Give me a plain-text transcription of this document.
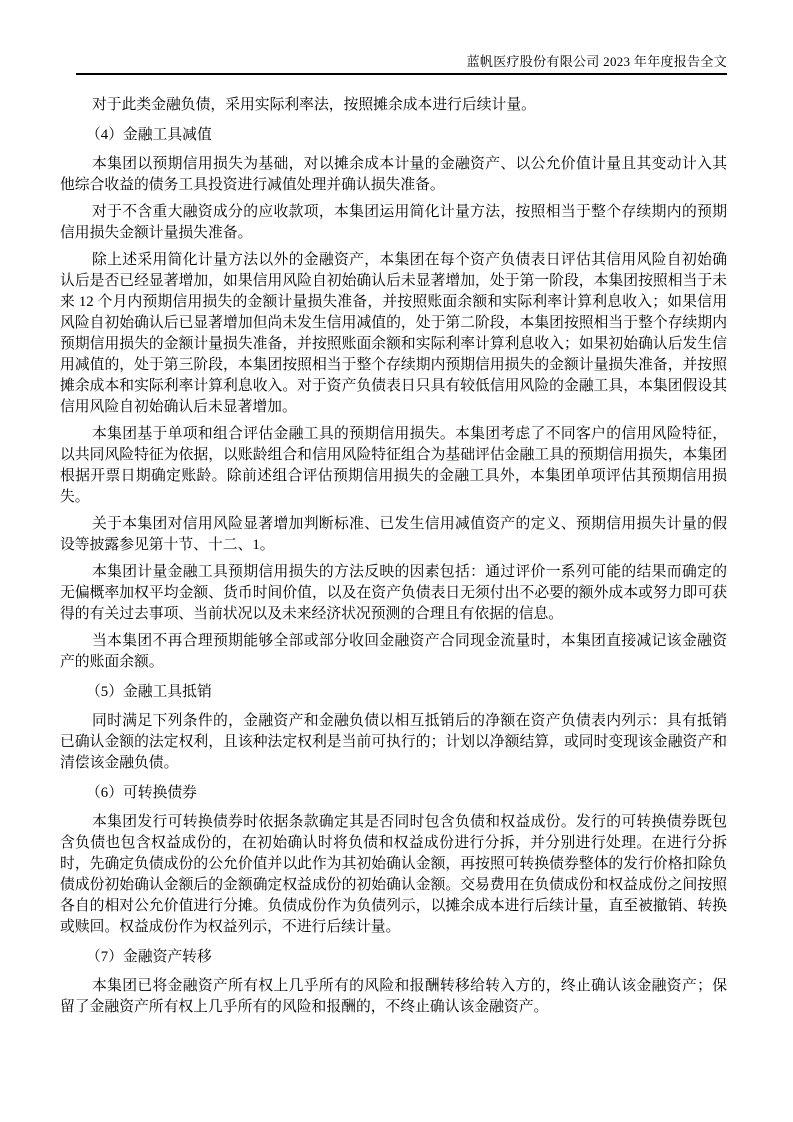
蓝帆医疗股份有限公司 2023 年年度报告全文

对于此类金融负债，采用实际利率法，按照摊余成本进行后续计量。

（4）金融工具减值

本集团以预期信用损失为基础，对以摊余成本计量的金融资产、以公允价值计量且其变动计入其他综合收益的债务工具投资进行减值处理并确认损失准备。

对于不含重大融资成分的应收款项，本集团运用简化计量方法，按照相当于整个存续期内的预期信用损失金额计量损失准备。

除上述采用简化计量方法以外的金融资产，本集团在每个资产负债表日评估其信用风险自初始确认后是否已经显著增加，如果信用风险自初始确认后未显著增加，处于第一阶段，本集团按照相当于未来 12 个月内预期信用损失的金额计量损失准备，并按照账面余额和实际利率计算利息收入；如果信用风险自初始确认后已显著增加但尚未发生信用减值的，处于第二阶段，本集团按照相当于整个存续期内预期信用损失的金额计量损失准备，并按照账面余额和实际利率计算利息收入；如果初始确认后发生信用减值的，处于第三阶段，本集团按照相当于整个存续期内预期信用损失的金额计量损失准备，并按照摊余成本和实际利率计算利息收入。对于资产负债表日只具有较低信用风险的金融工具，本集团假设其信用风险自初始确认后未显著增加。

本集团基于单项和组合评估金融工具的预期信用损失。本集团考虑了不同客户的信用风险特征，以共同风险特征为依据，以账龄组合和信用风险特征组合为基础评估金融工具的预期信用损失，本集团根据开票日期确定账龄。除前述组合评估预期信用损失的金融工具外，本集团单项评估其预期信用损失。

关于本集团对信用风险显著增加判断标准、已发生信用减值资产的定义、预期信用损失计量的假设等披露参见第十节、十二、1。

本集团计量金融工具预期信用损失的方法反映的因素包括：通过评价一系列可能的结果而确定的无偏概率加权平均金额、货币时间价值，以及在资产负债表日无须付出不必要的额外成本或努力即可获得的有关过去事项、当前状况以及未来经济状况预测的合理且有依据的信息。

当本集团不再合理预期能够全部或部分收回金融资产合同现金流量时，本集团直接减记该金融资产的账面余额。

（5）金融工具抵销

同时满足下列条件的，金融资产和金融负债以相互抵销后的净额在资产负债表内列示：具有抵销已确认金额的法定权利，且该种法定权利是当前可执行的；计划以净额结算，或同时变现该金融资产和清偿该金融负债。

（6）可转换债券

本集团发行可转换债券时依据条款确定其是否同时包含负债和权益成份。发行的可转换债券既包含负债也包含权益成份的，在初始确认时将负债和权益成份进行分拆，并分别进行处理。在进行分拆时，先确定负债成份的公允价值并以此作为其初始确认金额，再按照可转换债券整体的发行价格扣除负债成份初始确认金额后的金额确定权益成份的初始确认金额。交易费用在负债成份和权益成份之间按照各自的相对公允价值进行分摊。负债成份作为负债列示，以摊余成本进行后续计量，直至被撤销、转换或赎回。权益成份作为权益列示，不进行后续计量。

（7）金融资产转移

本集团已将金融资产所有权上几乎所有的风险和报酬转移给转入方的，终止确认该金融资产；保留了金融资产所有权上几乎所有的风险和报酬的，不终止确认该金融资产。
